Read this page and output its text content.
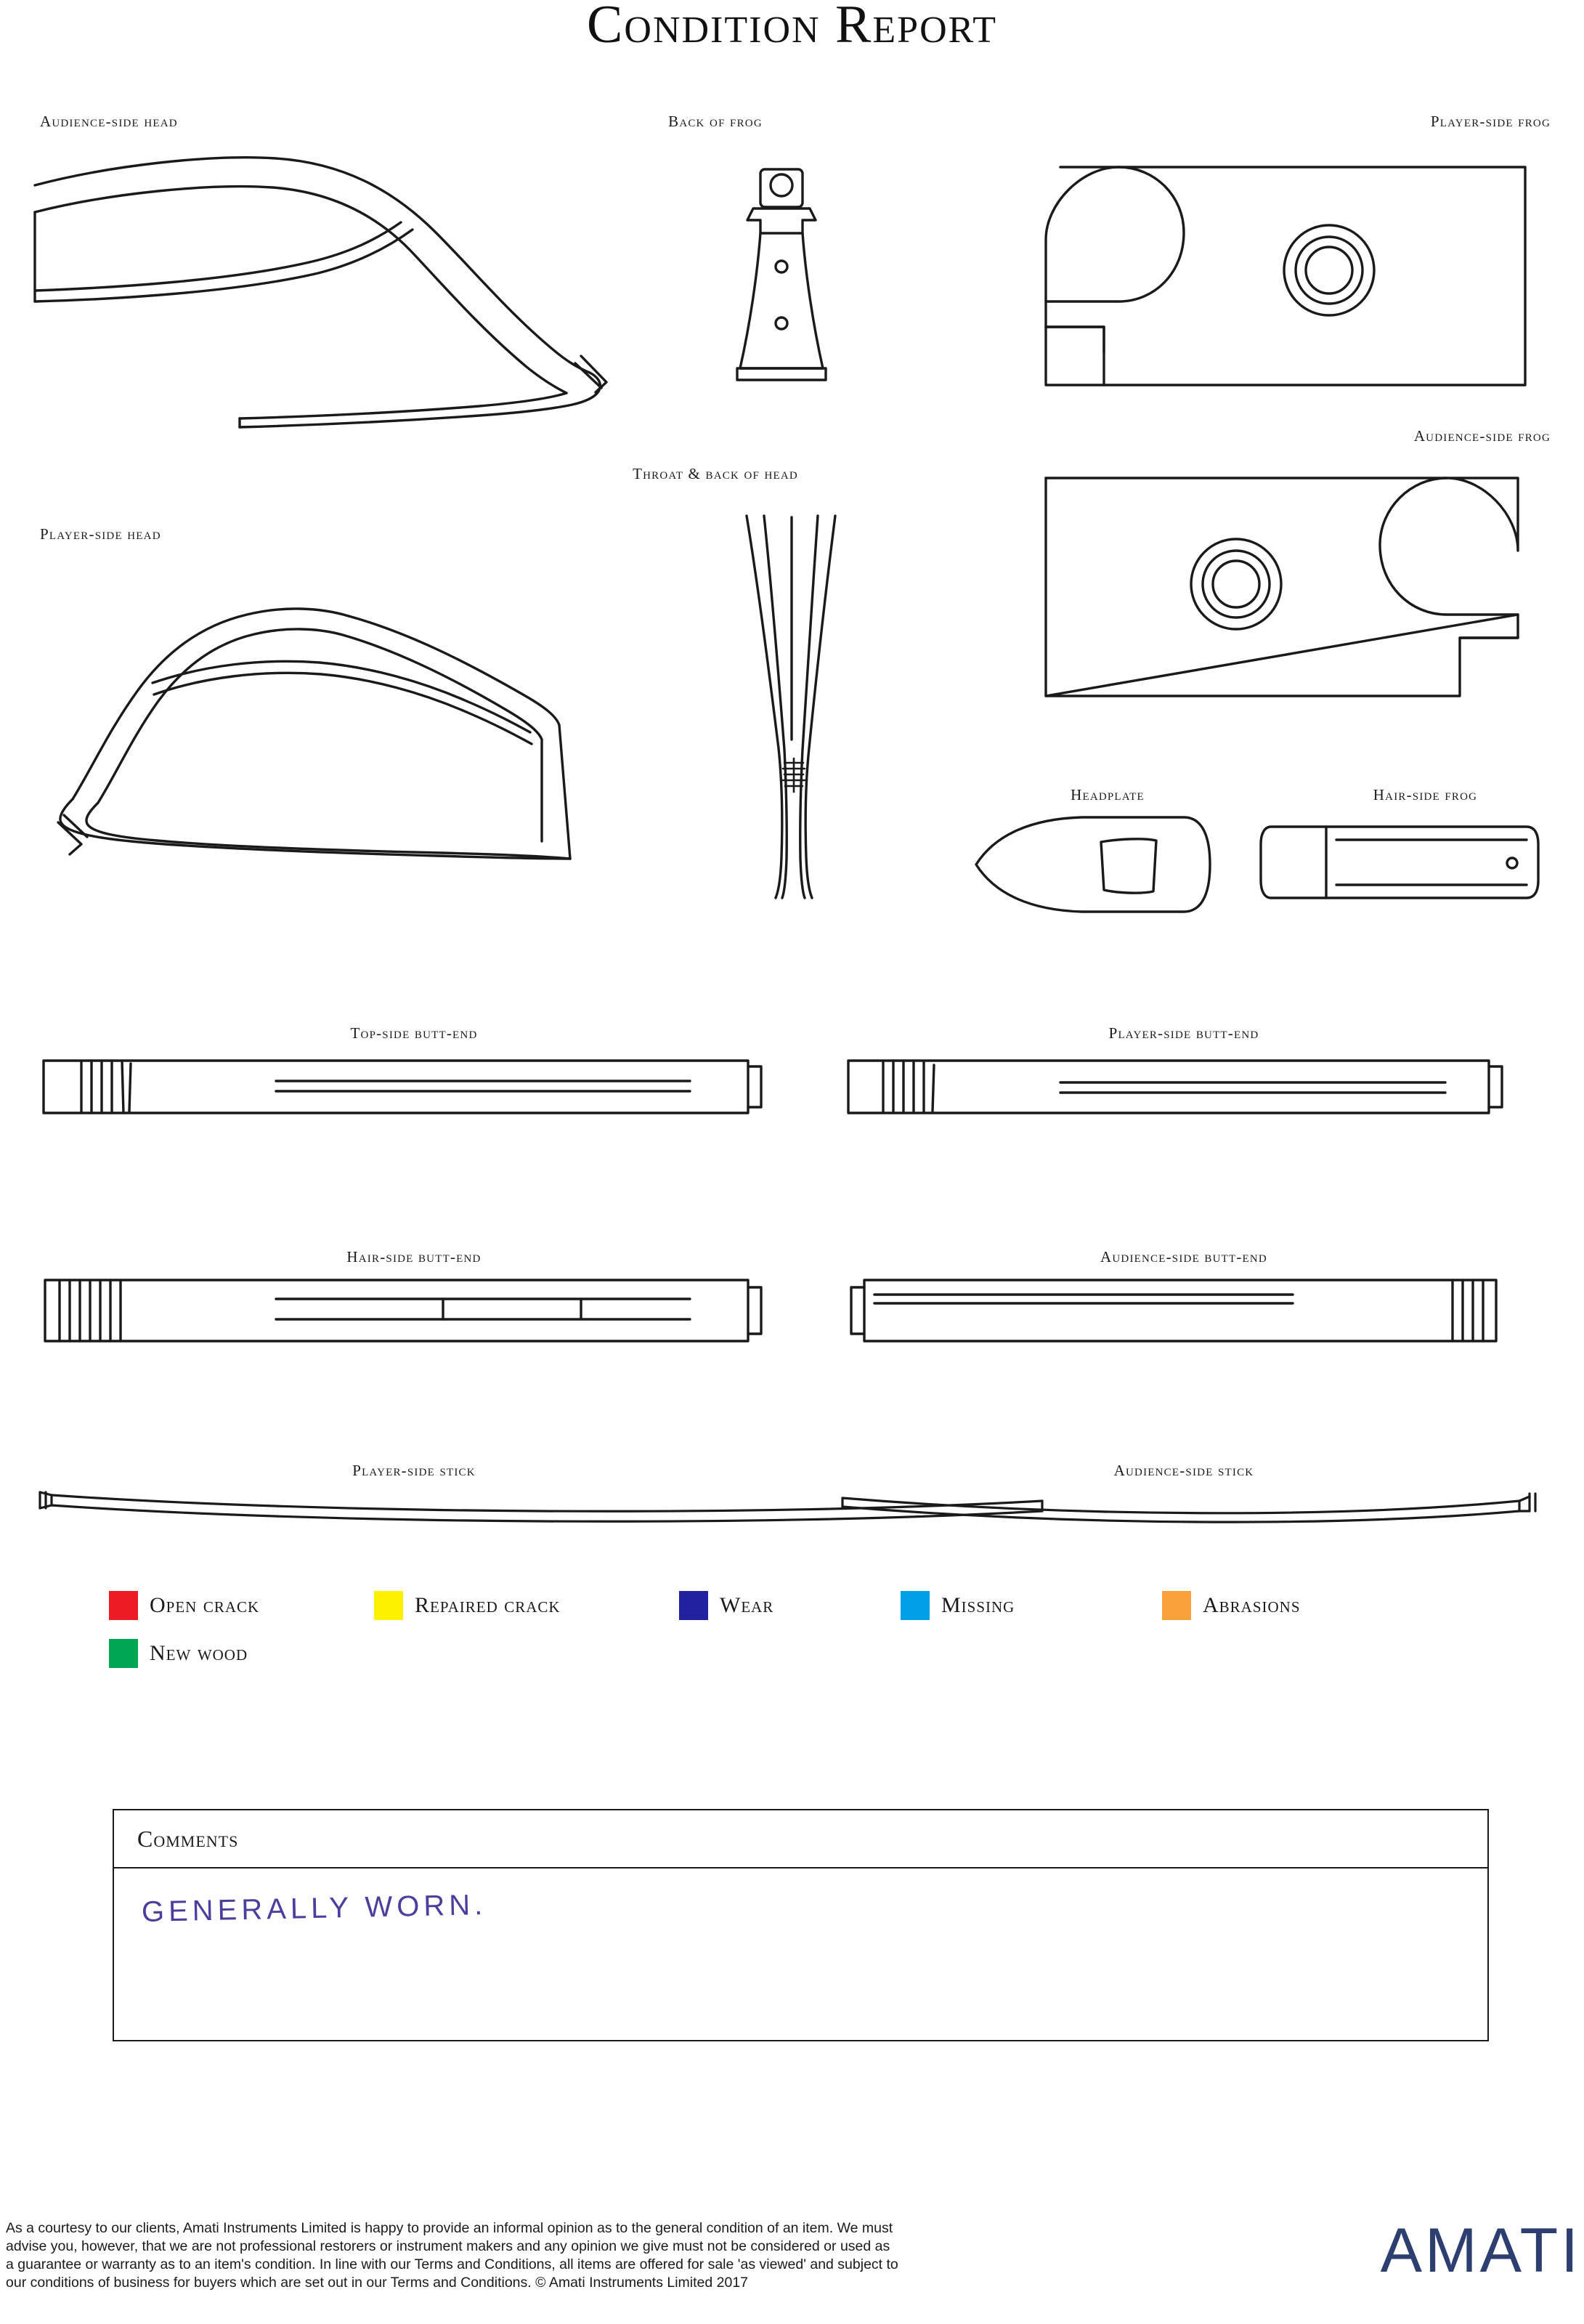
Condition Report
Audience-side head
Player-side head
Back of frog
Throat & back of head
Player-side frog
Audience-side frog
Headplate	Hair-side frog
Top-side butt-end	Player-side butt-end
Hair-side butt-end	Audience-side butt-end
Player-side stick	Audience-side stick
Open crack	Repaired crack	Wear	Missing	Abrasions
New wood
Comments
GENERALLY WORN.

As a courtesy to our clients, Amati Instruments Limited is happy to provide an informal opinion as to the general condition of an item. We must

advise you, however, that we are not professional restorers or instrument makers and any opinion we give must not be considered or used as

a guarantee or warranty as to an item's condition. In line with our Terms and Conditions, all items are offered for sale 'as viewed' and subject to

our conditions of business for buyers which are set out in our Terms and Conditions. © Amati Instruments Limited 2017	AMATI
